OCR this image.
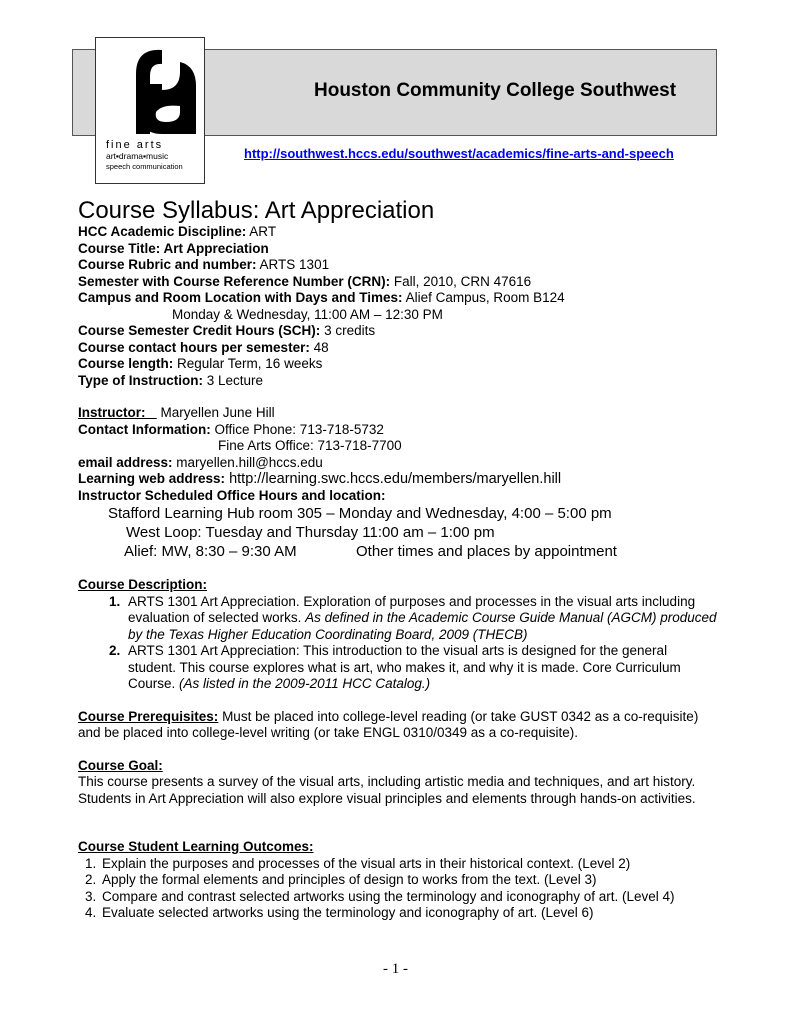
fine arts
art▪drama▪music
speech communication
Houston Community College Southwest
http://southwest.hccs.edu/southwest/academics/fine-arts-and-speech
Course Syllabus: Art Appreciation

HCC Academic Discipline: ART

Course Title: Art Appreciation

Course Rubric and number: ARTS 1301

Semester with Course Reference Number (CRN): Fall, 2010, CRN 47616

Campus and Room Location with Days and Times: Alief Campus, Room B124

Monday & Wednesday, 11:00 AM – 12:30 PM

Course Semester Credit Hours (SCH): 3 credits

Course contact hours per semester: 48

Course length: Regular Term, 16 weeks

Type of Instruction: 3 Lecture

Instructor: Maryellen June Hill

Contact Information: Office Phone: 713-718-5732

Fine Arts Office: 713-718-7700

email address: maryellen.hill@hccs.edu

Learning web address: http://learning.swc.hccs.edu/members/maryellen.hill

Instructor Scheduled Office Hours and location:

Stafford Learning Hub room 305 – Monday and Wednesday, 4:00 – 5:00 pm

West Loop: Tuesday and Thursday 11:00 am – 1:00 pm

Alief: MW, 8:30 – 9:30 AM	Other times and places by appointment

Course Description:

1. ARTS 1301 Art Appreciation. Exploration of purposes and processes in the visual arts including evaluation of selected works. As defined in the Academic Course Guide Manual (AGCM) produced by the Texas Higher Education Coordinating Board, 2009 (THECB)
2. ARTS 1301 Art Appreciation: This introduction to the visual arts is designed for the general student. This course explores what is art, who makes it, and why it is made. Core Curriculum Course. (As listed in the 2009-2011 HCC Catalog.)

Course Prerequisites: Must be placed into college-level reading (or take GUST 0342 as a co-requisite) and be placed into college-level writing (or take ENGL 0310/0349 as a co-requisite).

Course Goal:

This course presents a survey of the visual arts, including artistic media and techniques, and art history. Students in Art Appreciation will also explore visual principles and elements through hands-on activities.

Course Student Learning Outcomes:

1. Explain the purposes and processes of the visual arts in their historical context. (Level 2)
2. Apply the formal elements and principles of design to works from the text. (Level 3)
3. Compare and contrast selected artworks using the terminology and iconography of art. (Level 4)
4. Evaluate selected artworks using the terminology and iconography of art. (Level 6)
- 1 -
